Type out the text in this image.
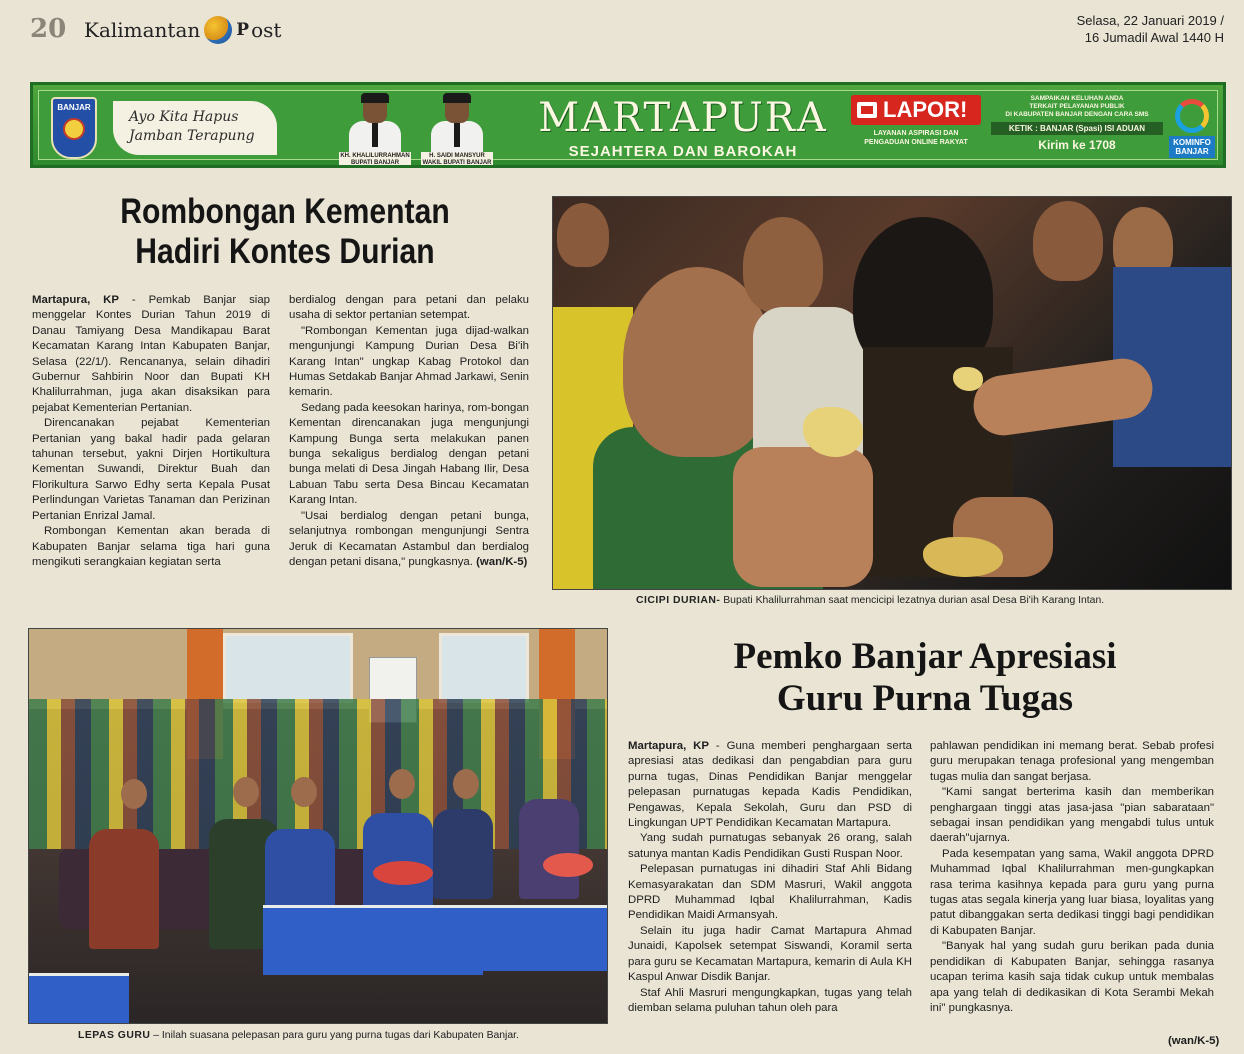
20 Kalimantan P ost	Selasa, 22 Januari 2019 /
16 Jumadil Awal 1440 H
BANJAR
Ayo Kita Hapus
Jamban Terapung
KH. KHALILURRAHMAN
BUPATI BANJAR
H. SAIDI MANSYUR
WAKIL BUPATI BANJAR
MARTAPURA
SEJAHTERA DAN BAROKAH
LAPOR!
LAYANAN ASPIRASI DAN
PENGADUAN ONLINE RAKYAT
SAMPAIKAN KELUHAN ANDA
TERKAIT PELAYANAN PUBLIK
DI KABUPATEN BANJAR DENGAN CARA SMS
KETIK : BANJAR (Spasi) ISI ADUAN
Kirim ke 1708	KOMINFO
BANJAR
Rombongan Kementan
Hadiri Kontes Durian

Martapura, KP - Pemkab Banjar siap menggelar Kontes Durian Tahun 2019 di Danau Tamiyang Desa Mandikapau Barat Kecamatan Karang Intan Kabupaten Banjar, Selasa (22/1/). Rencananya, selain dihadiri Gubernur Sahbirin Noor dan Bupati KH Khalilurrahman, juga akan disaksikan para pejabat Kementerian Pertanian.

Direncanakan pejabat Kementerian Pertanian yang bakal hadir pada gelaran tahunan tersebut, yakni Dirjen Hortikultura Kementan Suwandi, Direktur Buah dan Florikultura Sarwo Edhy serta Kepala Pusat Perlindungan Varietas Tanaman dan Perizinan Pertanian Enrizal Jamal.

Rombongan Kementan akan berada di Kabupaten Banjar selama tiga hari guna mengikuti serangkaian kegiatan serta

berdialog dengan para petani dan pelaku usaha di sektor pertanian setempat.

"Rombongan Kementan juga dijad-walkan mengunjungi Kampung Durian Desa Bi'ih Karang Intan" ungkap Kabag Protokol dan Humas Setdakab Banjar Ahmad Jarkawi, Senin kemarin.

Sedang pada keesokan harinya, rom-bongan Kementan direncanakan juga mengunjungi Kampung Bunga serta melakukan panen bunga sekaligus berdialog dengan petani bunga melati di Desa Jingah Habang Ilir, Desa Labuan Tabu serta Desa Bincau Kecamatan Karang Intan.

"Usai berdialog dengan petani bunga, selanjutnya rombongan mengunjungi Sentra Jeruk di Kecamatan Astambul dan berdialog dengan petani disana," pungkasnya. (wan/K-5)

CICIPI DURIAN- Bupati Khalilurrahman saat mencicipi lezatnya durian asal Desa Bi'ih Karang Intan.
LEPAS GURU – Inilah suasana pelepasan para guru yang purna tugas dari Kabupaten Banjar.
Pemko Banjar Apresiasi
Guru Purna Tugas

Martapura, KP - Guna memberi penghargaan serta apresiasi atas dedikasi dan pengabdian para guru purna tugas, Dinas Pendidikan Banjar menggelar pelepasan purnatugas kepada Kadis Pendidikan, Pengawas, Kepala Sekolah, Guru dan PSD di Lingkungan UPT Pendidikan Kecamatan Martapura.

Yang sudah purnatugas sebanyak 26 orang, salah satunya mantan Kadis Pendidikan Gusti Ruspan Noor.

Pelepasan purnatugas ini dihadiri Staf Ahli Bidang Kemasyarakatan dan SDM Masruri, Wakil anggota DPRD Muhammad Iqbal Khalilurrahman, Kadis Pendidikan Maidi Armansyah.

Selain itu juga hadir Camat Martapura Ahmad Junaidi, Kapolsek setempat Siswandi, Koramil serta para guru se Kecamatan Martapura, kemarin di Aula KH Kaspul Anwar Disdik Banjar.

Staf Ahli Masruri mengungkapkan, tugas yang telah diemban selama puluhan tahun oleh para

pahlawan pendidikan ini memang berat. Sebab profesi guru merupakan tenaga profesional yang mengemban tugas mulia dan sangat berjasa.

"Kami sangat berterima kasih dan memberikan penghargaan tinggi atas jasa-jasa "pian sabarataan" sebagai insan pendidikan yang mengabdi tulus untuk daerah"ujarnya.

Pada kesempatan yang sama, Wakil anggota DPRD Muhammad Iqbal Khalilurrahman men-gungkapkan rasa terima kasihnya kepada para guru yang purna tugas atas segala kinerja yang luar biasa, loyalitas yang patut dibanggakan serta dedikasi tinggi bagi pendidikan di Kabupaten Banjar.

"Banyak hal yang sudah guru berikan pada dunia pendidikan di Kabupaten Banjar, sehingga rasanya ucapan terima kasih saja tidak cukup untuk membalas apa yang telah di dedikasikan di Kota Serambi Mekah ini" pungkasnya.

(wan/K-5)
